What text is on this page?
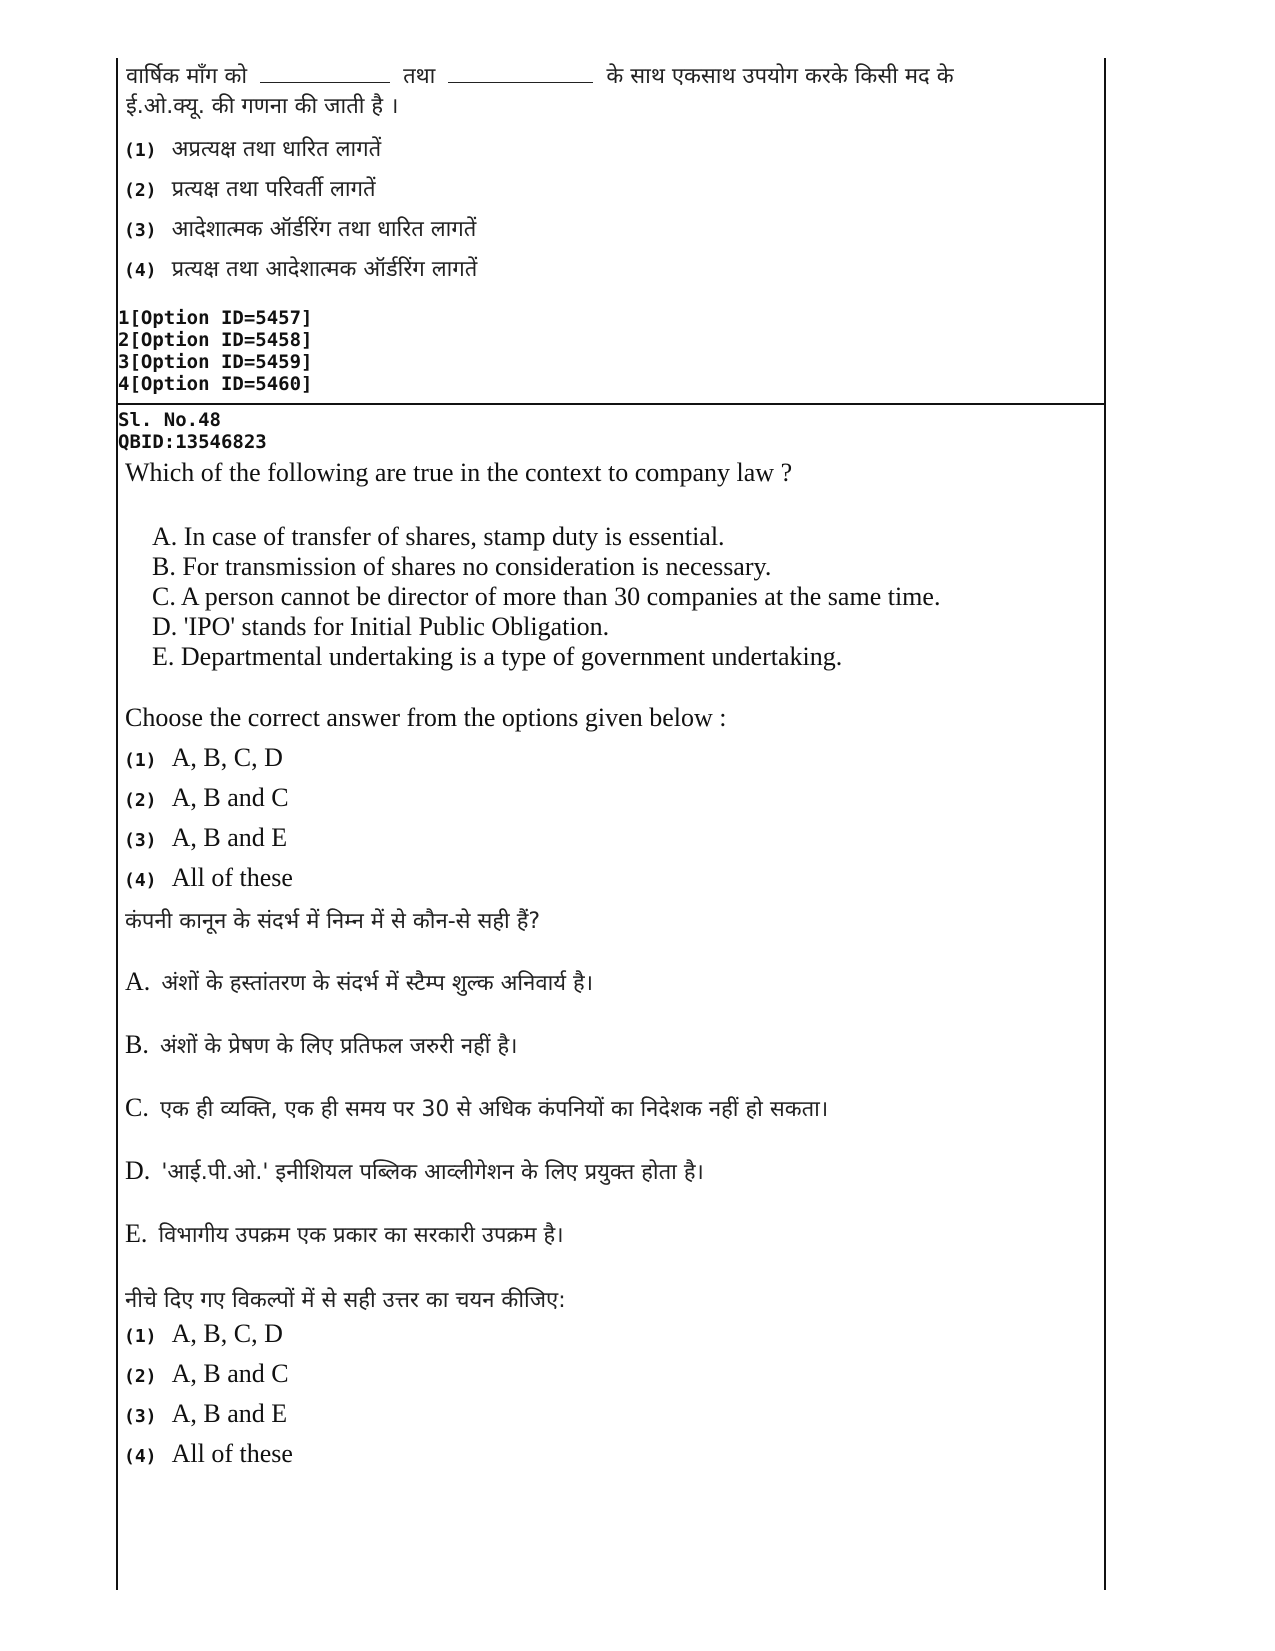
वार्षिक माँग को	तथा	के साथ एकसाथ उपयोग करके किसी मद के
ई.ओ.क्यू. की गणना की जाती है ।
(1) अप्रत्यक्ष तथा धारित लागतें
(2) प्रत्यक्ष तथा परिवर्ती लागतें
(3) आदेशात्मक ऑर्डरिंग तथा धारित लागतें
(4) प्रत्यक्ष तथा आदेशात्मक ऑर्डरिंग लागतें
1[Option ID=5457]
2[Option ID=5458]
3[Option ID=5459]
4[Option ID=5460]
Sl. No.48
QBID:13546823
Which of the following are true in the context to company law ?
A. In case of transfer of shares, stamp duty is essential.
B. For transmission of shares no consideration is necessary.
C. A person cannot be director of more than 30 companies at the same time.
D. 'IPO' stands for Initial Public Obligation.
E. Departmental undertaking is a type of government undertaking.
Choose the correct answer from the options given below :
(1) A, B, C, D
(2) A, B and C
(3) A, B and E
(4) All of these
कंपनी कानून के संदर्भ में निम्न में से कौन-से सही हैं?
A. अंशों के हस्तांतरण के संदर्भ में स्टैम्प शुल्क अनिवार्य है।
B. अंशों के प्रेषण के लिए प्रतिफल जरुरी नहीं है।
C. एक ही व्यक्ति, एक ही समय पर 30 से अधिक कंपनियों का निदेशक नहीं हो सकता।
D. 'आई.पी.ओ.' इनीशियल पब्लिक आव्लीगेशन के लिए प्रयुक्त होता है।
E. विभागीय उपक्रम एक प्रकार का सरकारी उपक्रम है।
नीचे दिए गए विकल्पों में से सही उत्तर का चयन कीजिए:
(1) A, B, C, D
(2) A, B and C
(3) A, B and E
(4) All of these
